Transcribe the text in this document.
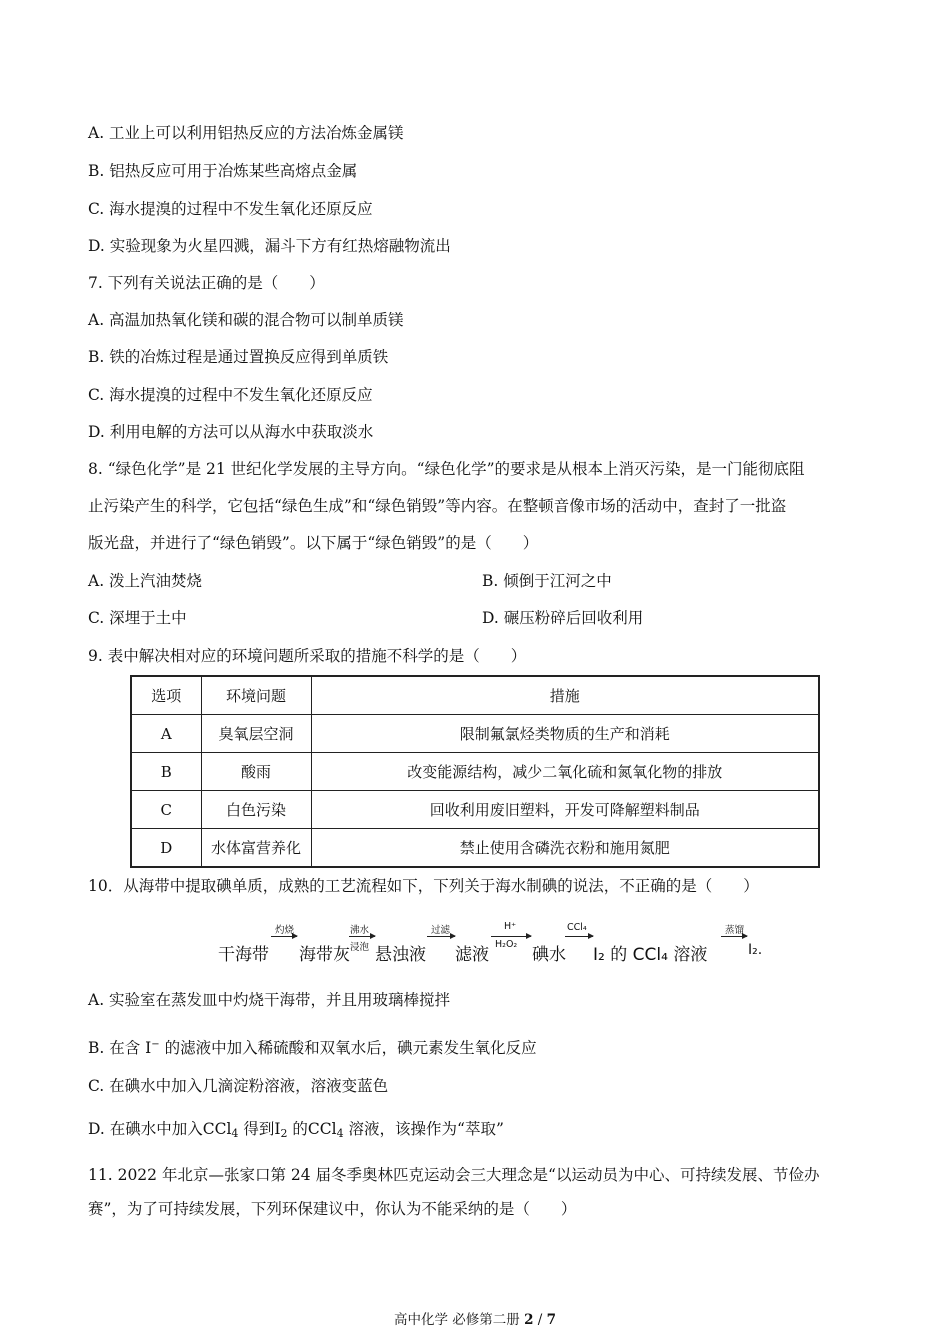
A. 工业上可以利用铝热反应的方法冶炼金属镁
B. 铝热反应可用于冶炼某些高熔点金属
C. 海水提溴的过程中不发生氧化还原反应
D. 实验现象为火星四溅，漏斗下方有红热熔融物流出
7. 下列有关说法正确的是（　　）
A. 高温加热氧化镁和碳的混合物可以制单质镁
B. 铁的冶炼过程是通过置换反应得到单质铁
C. 海水提溴的过程中不发生氧化还原反应
D. 利用电解的方法可以从海水中获取淡水
8. “绿色化学”是 21 世纪化学发展的主导方向。“绿色化学”的要求是从根本上消灭污染，是一门能彻底阻
止污染产生的科学，它包括“绿色生成”和“绿色销毁”等内容。在整顿音像市场的活动中，查封了一批盗
版光盘，并进行了“绿色销毁”。以下属于“绿色销毁”的是（　　）
A. 泼上汽油焚烧	B. 倾倒于江河之中
C. 深埋于土中	D. 碾压粉碎后回收利用
9. 表中解决相对应的环境问题所采取的措施不科学的是（　　）
选项	环境问题	措施
A	臭氧层空洞	限制氟氯烃类物质的生产和消耗
B	酸雨	改变能源结构，减少二氧化硫和氮氧化物的排放
C	白色污染	回收利用废旧塑料，开发可降解塑料制品
D	水体富营养化	禁止使用含磷洗衣粉和施用氮肥
10．从海带中提取碘单质，成熟的工艺流程如下，下列关于海水制碘的说法，不正确的是（　　）
干海带
灼烧
海带灰
沸水
浸泡 悬浊液
过滤
滤液
H⁺
H₂O₂
碘水
CCl₄
I₂ 的 CCl₄ 溶液
蒸馏
I₂.
A. 实验室在蒸发皿中灼烧干海带，并且用玻璃棒搅拌
B. 在含 I− 的滤液中加入稀硫酸和双氧水后，碘元素发生氧化反应
C. 在碘水中加入几滴淀粉溶液，溶液变蓝色
D. 在碘水中加入CCl$_4$ 得到$I_2$ 的CCl$_4$ 溶液，该操作为“萃取”
11. 2022 年北京—张家口第 24 届冬季奥林匹克运动会三大理念是“以运动员为中心、可持续发展、节俭办
赛”，为了可持续发展，下列环保建议中，你认为不能采纳的是（　　）
高中化学 必修第二册 2 / 7
